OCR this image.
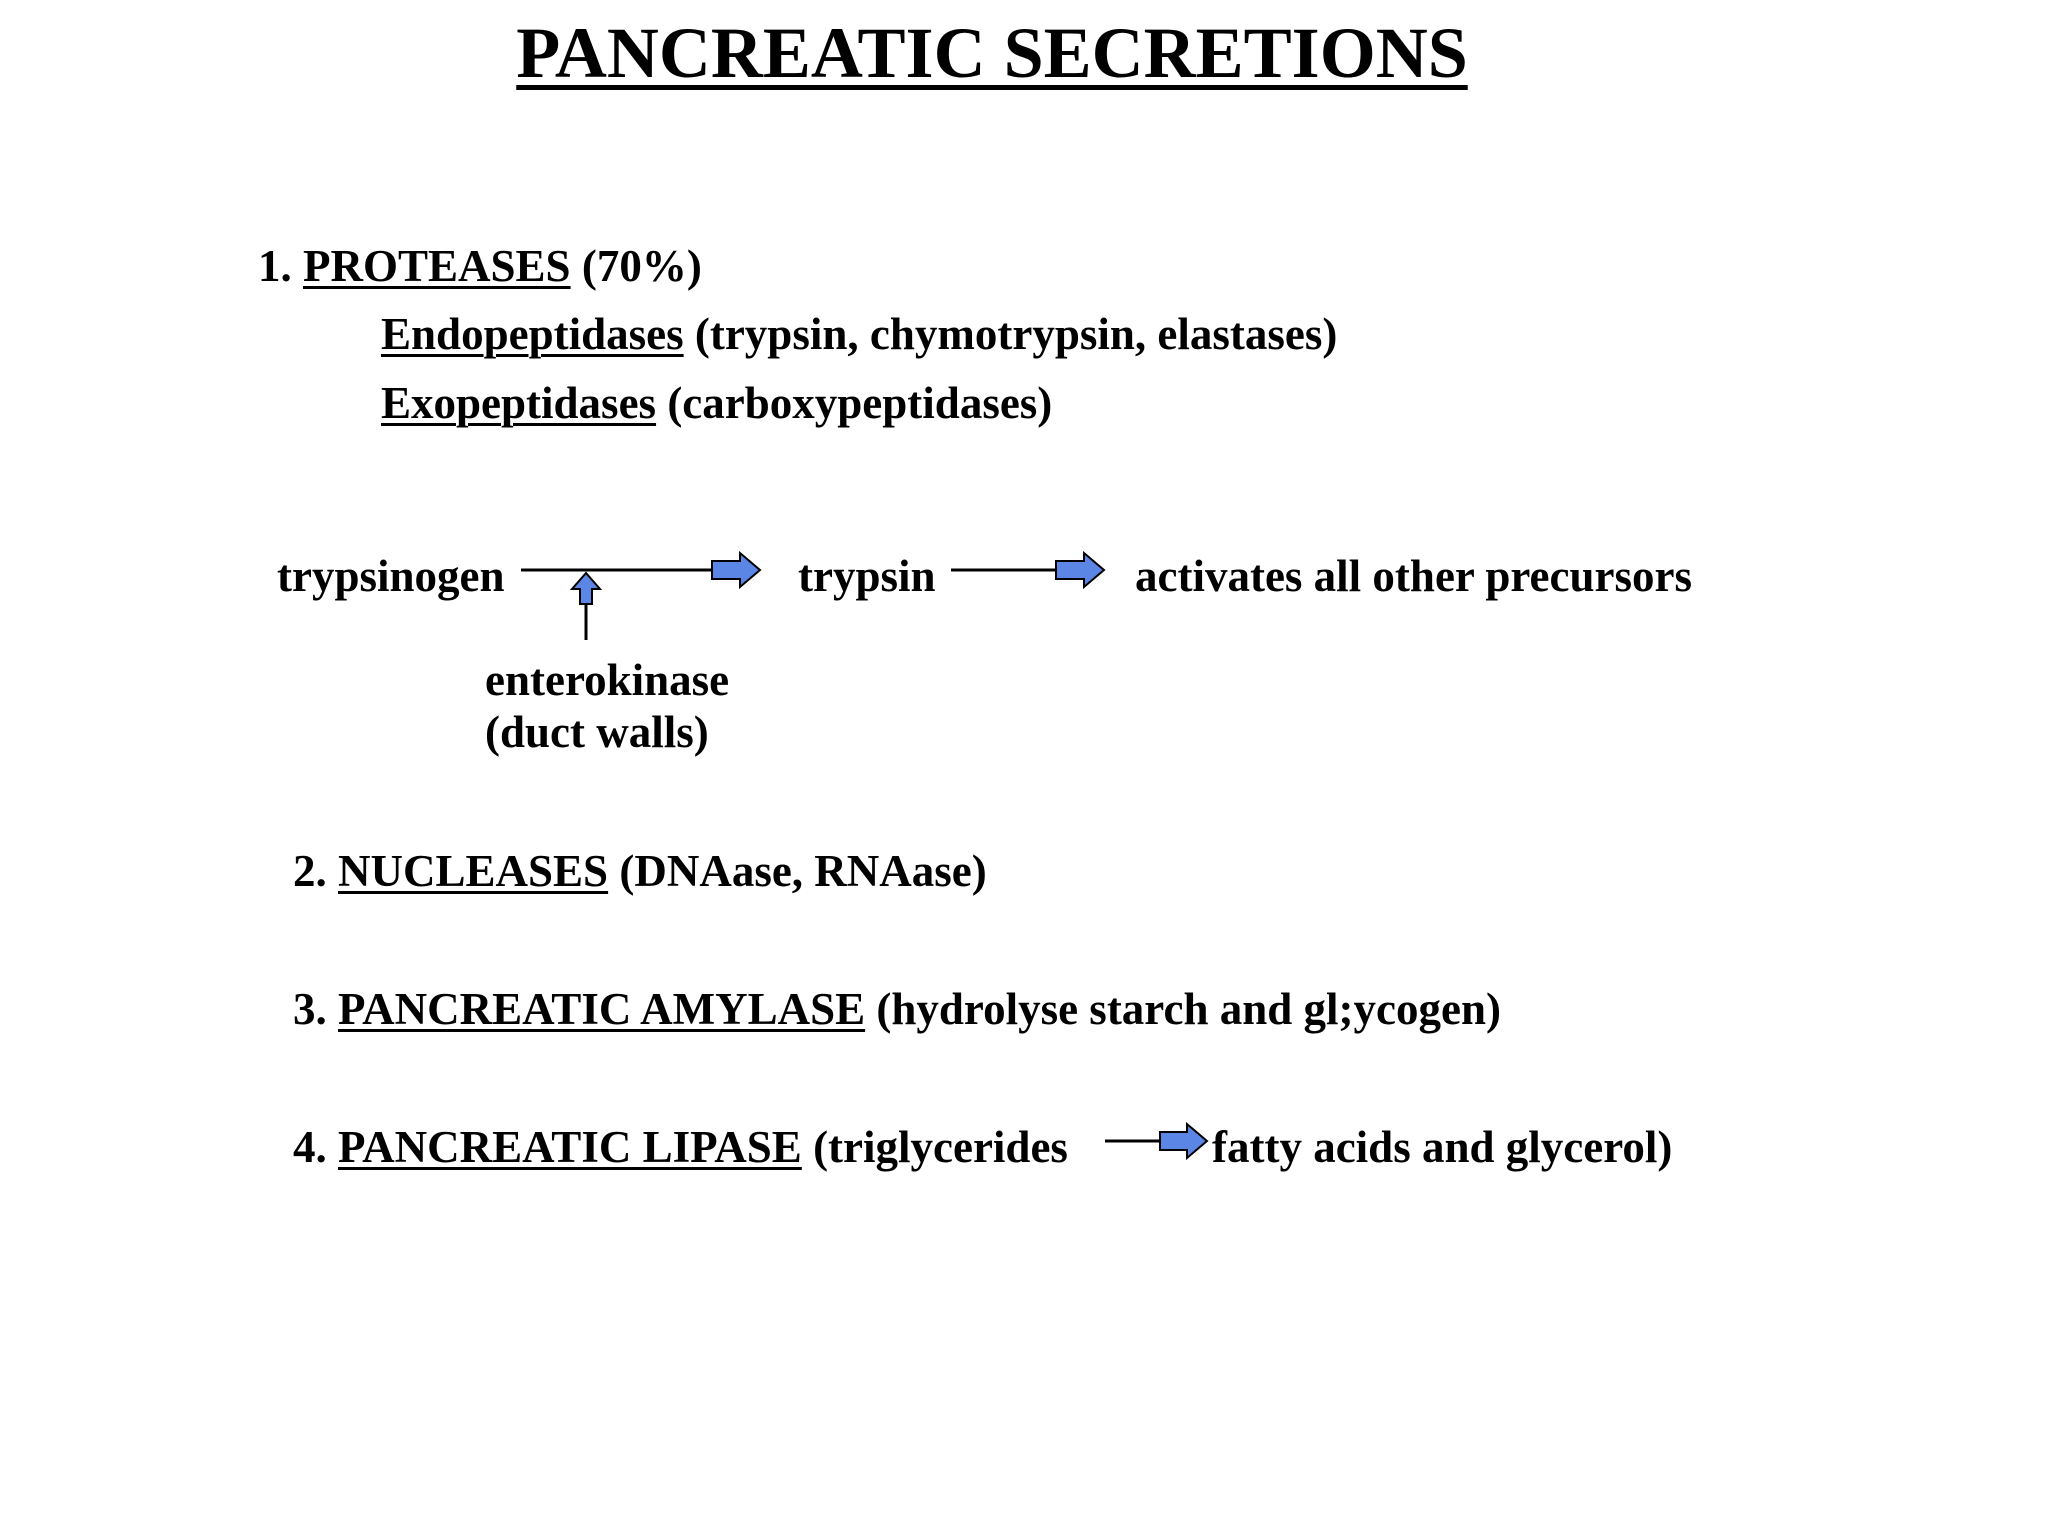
PANCREATIC SECRETIONS
1. PROTEASES (70%)
Endopeptidases (trypsin, chymotrypsin, elastases)
Exopeptidases (carboxypeptidases)
trypsinogen	trypsin	activates all other precursors
enterokinase
(duct walls)
2. NUCLEASES (DNAase, RNAase)
3. PANCREATIC AMYLASE (hydrolyse starch and gl;ycogen)
4. PANCREATIC LIPASE (triglycerides	fatty acids and glycerol)
